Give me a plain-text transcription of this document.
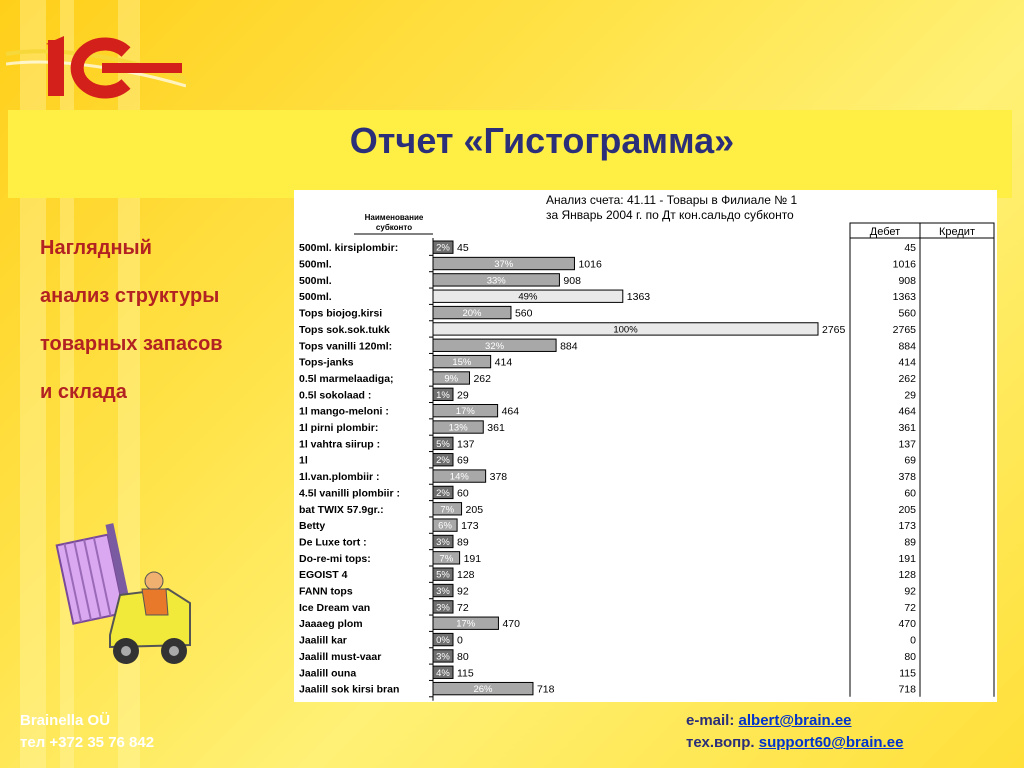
Отчет «Гистограмма»
Наглядный
анализ структуры
товарных запасов
и склада
Анализ счета: 41.11 - Товары в Филиале № 1
за Январь 2004 г. по Дт кон.сальдо субконто
Наименование
субконто	Дебет	Кредит
500ml. kirsiplombir:	2% 45	45
500ml.	37%	1016	1016
500ml.	33%	908	908
500ml.	49%	1363	1363
Tops biojog.kirsi	20%	560	560
Tops sok.sok.tukk	100%	2765	2765
Tops vanilli 120ml:	32%	884	884
Tops-janks	15% 414	414
0.5l marmelaadiga;	9% 262	262
0.5l sokolaad :	1% 29	29
1l mango-meloni :	17%	464	464
1l pirni plombir:	13% 361	361
1l vahtra siirup :	5% 137	137
1l	2% 69	69
1l.van.plombiir :	14% 378	378
4.5l vanilli plombiir :	2% 60	60
bat TWIX 57.9gr.:	7% 205	205
Betty	6% 173	173
De Luxe tort :	3% 89	89
Do-re-mi tops:	7% 191	191
EGOIST 4	5% 128	128
FANN tops	3% 92	92
Ice Dream van	3% 72	72
Jaaaeg plom	17%	470	470
Jaalill kar	0% 0	0
Jaalill must-vaar	3% 80	80
Jaalill ouna	4% 115	115
Jaalill sok kirsi bran	26%	718	718
Brainella OÜ
тел +372 35 76 842
e-mail: albert@brain.ee
тех.вопр. support60@brain.ee
